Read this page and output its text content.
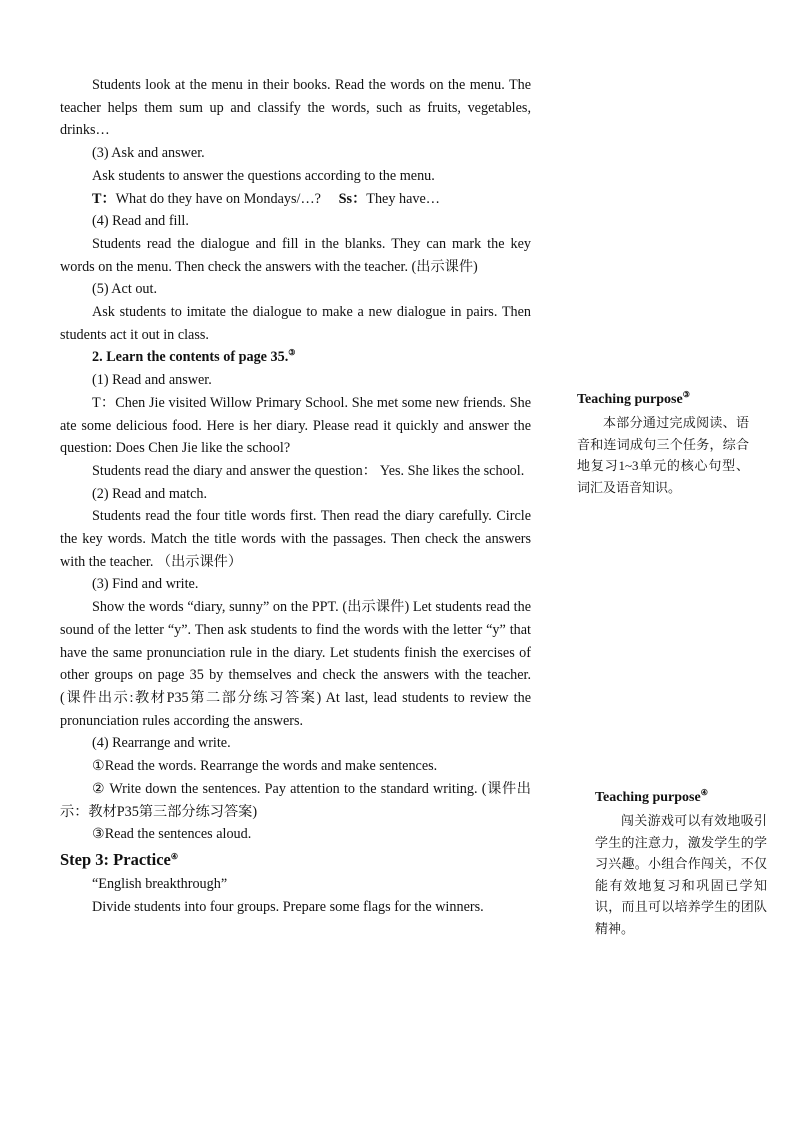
Students look at the menu in their books. Read the words on the menu. The teacher helps them sum up and classify the words, such as fruits, vegetables, drinks…

(3) Ask and answer.

Ask students to answer the questions according to the menu.

T：What do they have on Mondays/…? Ss：They have…

(4) Read and fill.

Students read the dialogue and fill in the blanks. They can mark the key words on the menu. Then check the answers with the teacher. (出示课件)

(5) Act out.

Ask students to imitate the dialogue to make a new dialogue in pairs. Then students act it out in class.

2. Learn the contents of page 35.③

(1) Read and answer.

T：Chen Jie visited Willow Primary School. She met some new friends. She ate some delicious food. Here is her diary. Please read it quickly and answer the question: Does Chen Jie like the school?

Students read the diary and answer the question： Yes. She likes the school.

(2) Read and match.

Students read the four title words first. Then read the diary carefully. Circle the key words. Match the title words with the passages. Then check the answers with the teacher. （出示课件）

(3) Find and write.

Show the words “diary, sunny” on the PPT. (出示课件) Let students read the sound of the letter “y”. Then ask students to find the words with the letter “y” that have the same pronunciation rule in the diary. Let students finish the exercises of other groups on page 35 by themselves and check the answers with the teacher. (课件出示:教材P35第二部分练习答案) At last, lead students to review the pronunciation rules according the answers.

(4) Rearrange and write.

①Read the words. Rearrange the words and make sentences.

② Write down the sentences. Pay attention to the standard writing. (课件出示：教材P35第三部分练习答案)

③Read the sentences aloud.

Step 3: Practice④

“English breakthrough”

Divide students into four groups. Prepare some flags for the winners.

Teaching purpose③
本部分通过完成阅读、语音和连词成句三个任务，综合地复习1~3单元的核心句型、词汇及语音知识。
Teaching purpose④
闯关游戏可以有效地吸引学生的注意力，激发学生的学习兴趣。小组合作闯关，不仅能有效地复习和巩固已学知识，而且可以培养学生的团队精神。
